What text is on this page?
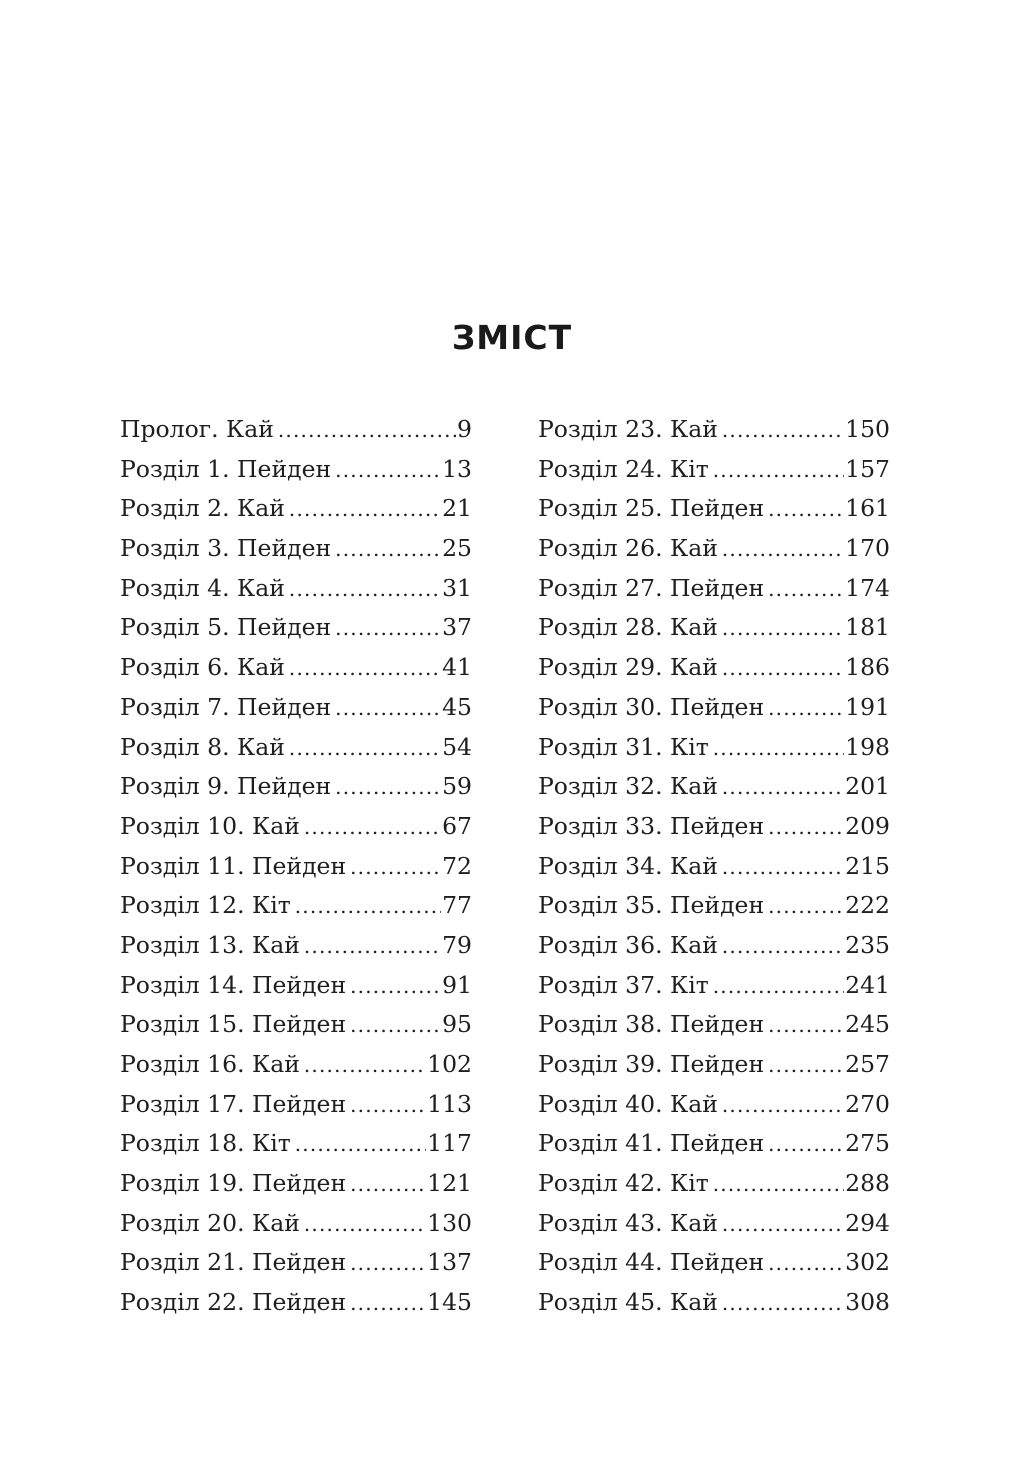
ЗМІСТ
Пролог. Кай .....	9
Розділ 1. Пейден .....	13
Розділ 2. Кай .....	21
Розділ 3. Пейден .....	25
Розділ 4. Кай .....	31
Розділ 5. Пейден .....	37
Розділ 6. Кай .....	41
Розділ 7. Пейден .....	45
Розділ 8. Кай .....	54
Розділ 9. Пейден .....	59
Розділ 10. Кай .....	67
Розділ 11. Пейден .....	72
Розділ 12. Кіт .....	77
Розділ 13. Кай .....	79
Розділ 14. Пейден .....	91
Розділ 15. Пейден .....	95
Розділ 16. Кай .....	102
Розділ 17. Пейден .....	113
Розділ 18. Кіт .....	117
Розділ 19. Пейден .....	121
Розділ 20. Кай .....	130
Розділ 21. Пейден .....	137
Розділ 22. Пейден .....	145
Розділ 23. Кай .....	150
Розділ 24. Кіт .....	157
Розділ 25. Пейден .....	161
Розділ 26. Кай .....	170
Розділ 27. Пейден .....	174
Розділ 28. Кай .....	181
Розділ 29. Кай .....	186
Розділ 30. Пейден .....	191
Розділ 31. Кіт .....	198
Розділ 32. Кай .....	201
Розділ 33. Пейден .....	209
Розділ 34. Кай .....	215
Розділ 35. Пейден .....	222
Розділ 36. Кай .....	235
Розділ 37. Кіт .....	241
Розділ 38. Пейден .....	245
Розділ 39. Пейден .....	257
Розділ 40. Кай .....	270
Розділ 41. Пейден .....	275
Розділ 42. Кіт .....	288
Розділ 43. Кай .....	294
Розділ 44. Пейден .....	302
Розділ 45. Кай .....	308
